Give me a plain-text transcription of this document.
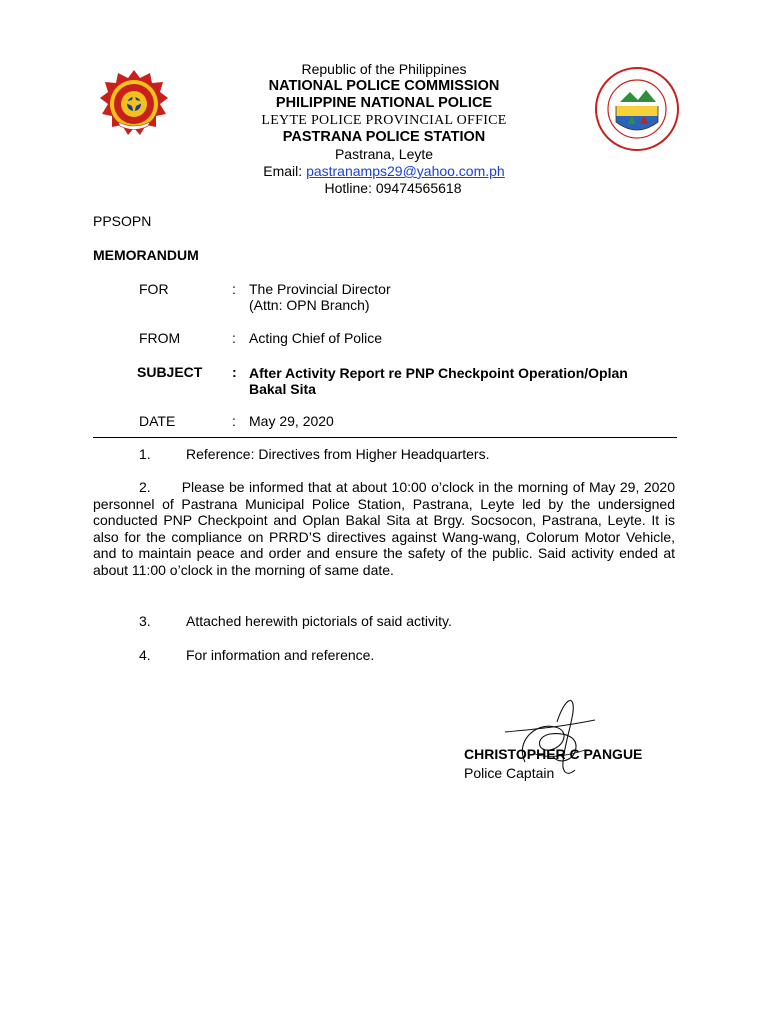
Republic of the Philippines
NATIONAL POLICE COMMISSION
PHILIPPINE NATIONAL POLICE
LEYTE POLICE PROVINCIAL OFFICE
PASTRANA POLICE STATION
Pastrana, Leyte
Email: pastranamps29@yahoo.com.ph
Hotline: 09474565618
PPSOPN
MEMORANDUM
FOR	: The Provincial Director
(Attn: OPN Branch)
FROM	: Acting Chief of Police
SUBJECT : After Activity Report re PNP Checkpoint Operation/Oplan
Bakal Sita
DATE	: May 29, 2020
1.	Reference: Directives from Higher Headquarters.
2. Please be informed that at about 10:00 o’clock in the morning of May 29, 2020 personnel of Pastrana Municipal Police Station, Pastrana, Leyte led by the undersigned conducted PNP Checkpoint and Oplan Bakal Sita at Brgy. Socsocon, Pastrana, Leyte. It is also for the compliance on PRRD’S directives against Wang-wang, Colorum Motor Vehicle, and to maintain peace and order and ensure the safety of the public. Said activity ended at about 11:00 o’clock in the morning of same date.
3.	Attached herewith pictorials of said activity.
4.	For information and reference.
CHRISTOPHER C PANGUE
Police Captain
